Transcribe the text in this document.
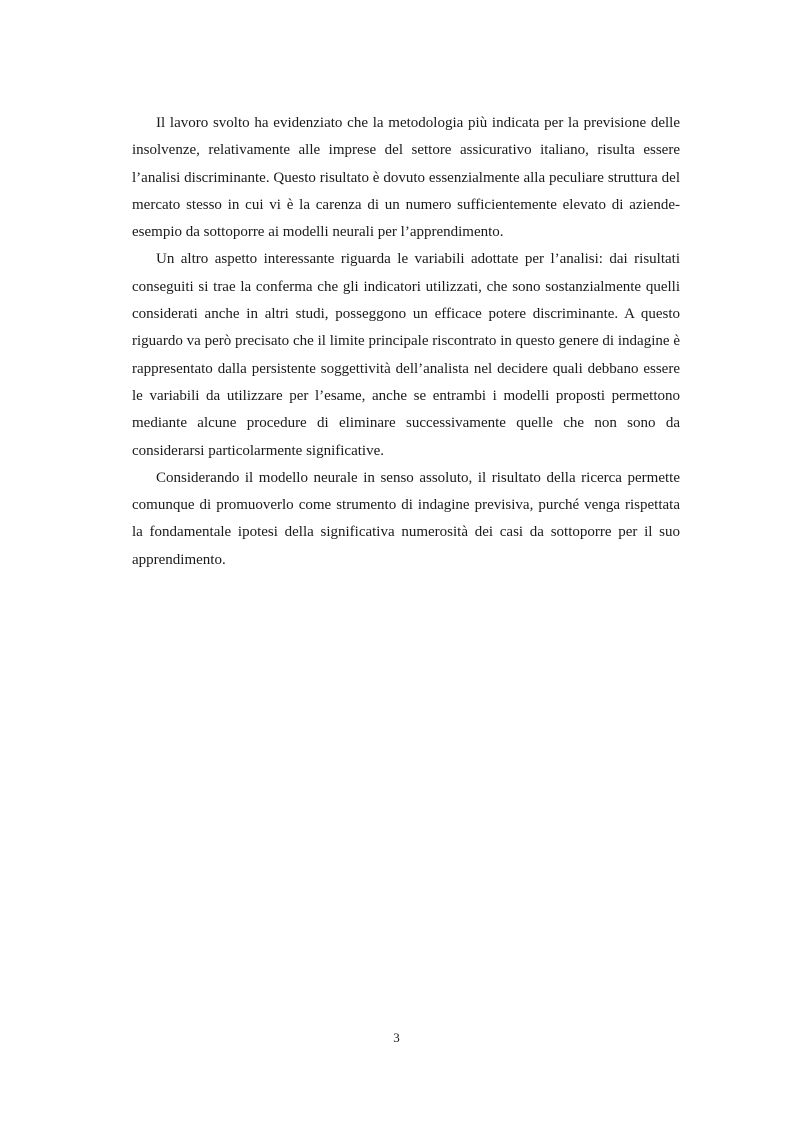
Il lavoro svolto ha evidenziato che la metodologia più indicata per la previsione delle insolvenze, relativamente alle imprese del settore assicurativo italiano, risulta essere l’analisi discriminante. Questo risultato è dovuto essenzialmente alla peculiare struttura del mercato stesso in cui vi è la carenza di un numero sufficientemente elevato di aziende-esempio da sottoporre ai modelli neurali per l’apprendimento.

Un altro aspetto interessante riguarda le variabili adottate per l’analisi: dai risultati conseguiti si trae la conferma che gli indicatori utilizzati, che sono sostanzialmente quelli considerati anche in altri studi, posseggono un efficace potere discriminante. A questo riguardo va però precisato che il limite principale riscontrato in questo genere di indagine è rappresentato dalla persistente soggettività dell’analista nel decidere quali debbano essere le variabili da utilizzare per l’esame, anche se entrambi i modelli proposti permettono mediante alcune procedure di eliminare successivamente quelle che non sono da considerarsi particolarmente significative.

Considerando il modello neurale in senso assoluto, il risultato della ricerca permette comunque di promuoverlo come strumento di indagine previsiva, purché venga rispettata la fondamentale ipotesi della significativa numerosità dei casi da sottoporre per il suo apprendimento.

3
